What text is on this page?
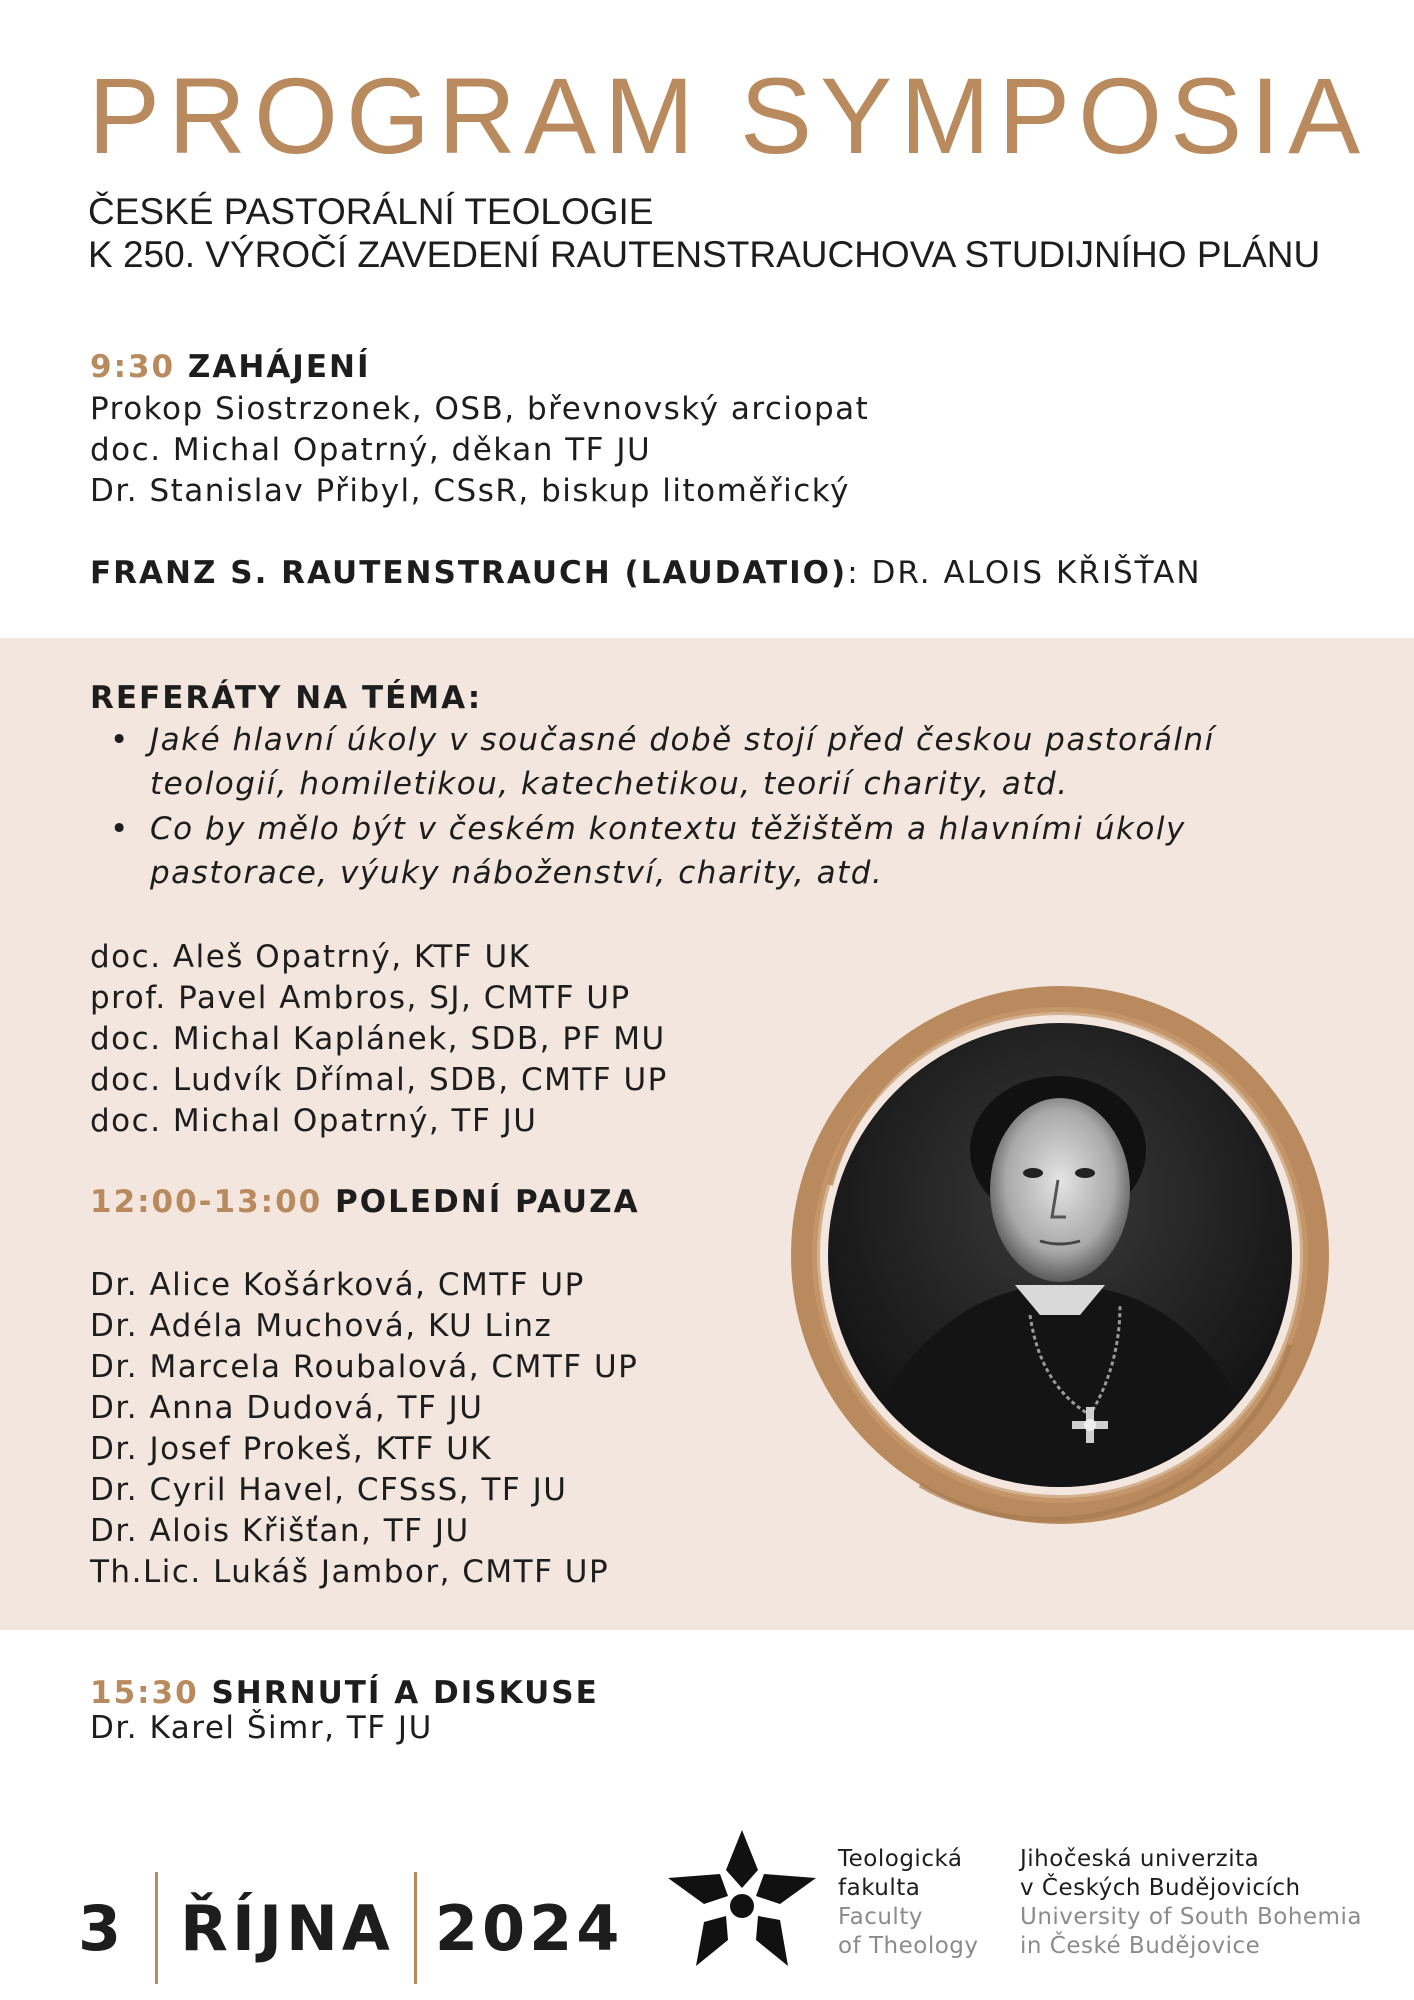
PROGRAM SYMPOSIA
ČESKÉ PASTORÁLNÍ TEOLOGIE
K 250. VÝROČÍ ZAVEDENÍ RAUTENSTRAUCHOVA STUDIJNÍHO PLÁNU
9:30 ZAHÁJENÍ
Prokop Siostrzonek, OSB, břevnovský arciopat
doc. Michal Opatrný, děkan TF JU
Dr. Stanislav Přibyl, CSsR, biskup litoměřický
FRANZ S. RAUTENSTRAUCH (LAUDATIO): DR. ALOIS KŘIŠŤAN
REFERÁTY NA TÉMA:
• Jaké hlavní úkoly v současné době stojí před českou pastorální teologií, homiletikou, katechetikou, teorií charity, atd.
• Co by mělo být v českém kontextu těžištěm a hlavními úkoly pastorace, výuky náboženství, charity, atd.
doc. Aleš Opatrný, KTF UK
prof. Pavel Ambros, SJ, CMTF UP
doc. Michal Kaplánek, SDB, PF MU
doc. Ludvík Dřímal, SDB, CMTF UP
doc. Michal Opatrný, TF JU
12:00-13:00 POLEDNÍ PAUZA
Dr. Alice Košárková, CMTF UP
Dr. Adéla Muchová, KU Linz
Dr. Marcela Roubalová, CMTF UP
Dr. Anna Dudová, TF JU
Dr. Josef Prokeš, KTF UK
Dr. Cyril Havel, CFSsS, TF JU
Dr. Alois Křišťan, TF JU
Th.Lic. Lukáš Jambor, CMTF UP
15:30 SHRNUTÍ A DISKUSE
Dr. Karel Šimr, TF JU
3 ŘÍJNA 2024
Teologická
fakulta
Faculty
of Theology
Jihočeská univerzita
v Českých Budějovicích
University of South Bohemia
in České Budějovice
